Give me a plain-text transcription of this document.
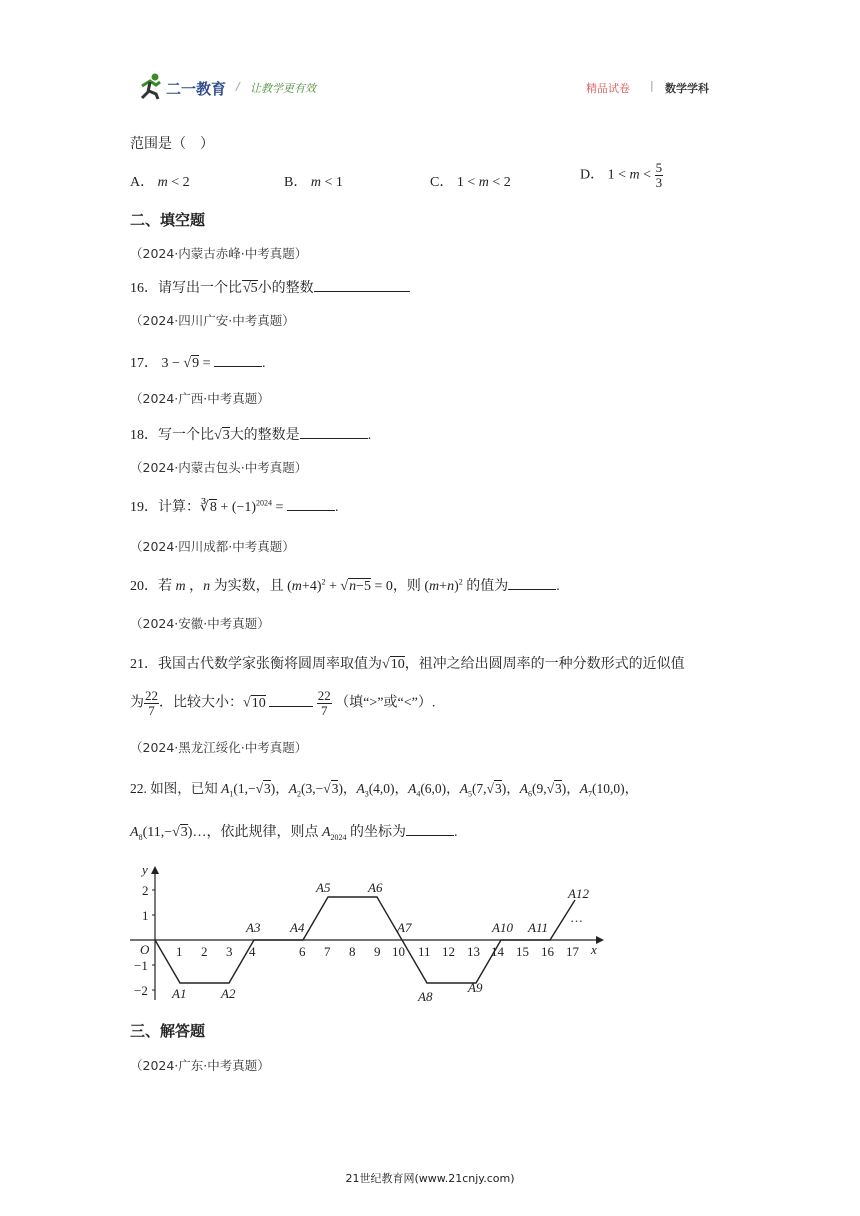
二一教育 / 让教学更有效	精品试卷 | 数学学科
范围是（　）
A． m < 2	B． m < 1	C． 1 < m < 2	D． $1 < m < \frac{5}{3}$
二、填空题
（2024·内蒙古赤峰·中考真题）
16．请写出一个比√5小的整数
（2024·四川广安·中考真题）
17． 3 − √9 =	.
（2024·广西·中考真题）
18．写一个比√3大的整数是	.
（2024·内蒙古包头·中考真题）
19．计算：∛8 + $(-1)^{2024}$ =	.
（2024·四川成都·中考真题）
20．若 m ，n 为实数，且 $(m+4)^2 + √n-5 = 0$，则 $(m+n)^2$ 的值为	.
（2024·安徽·中考真题）
21．我国古代数学家张衡将圆周率取值为√10，祖冲之给出圆周率的一种分数形式的近似值
为 $\frac{22}{7}$ ．比较大小：√10	$\frac{22}{7}$ （填“>”或“<”）.
（2024·黑龙江绥化·中考真题）
22. 如图，已知 $A_1(1,-√3)$，$A_2(3,-√3)$，$A_3(4,0)$，$A_4(6,0)$，$A_5(7,√3)$，$A_6(9,√3)$，$A_7(10,0)$，
$A_8(11,-√3)\dots$，依此规律，则点 $A_{2024}$ 的坐标为	.
x
y
O
2
1
−1
−2
1 2 3 4	6 7 8 9 10 11 12 13 14 15 16 17
A1	A2
A3 A4
A5	A6
A7
A8
A9
A10 A11
A12
…
三、解答题
（2024·广东·中考真题）
21世纪教育网(www.21cnjy.com)
